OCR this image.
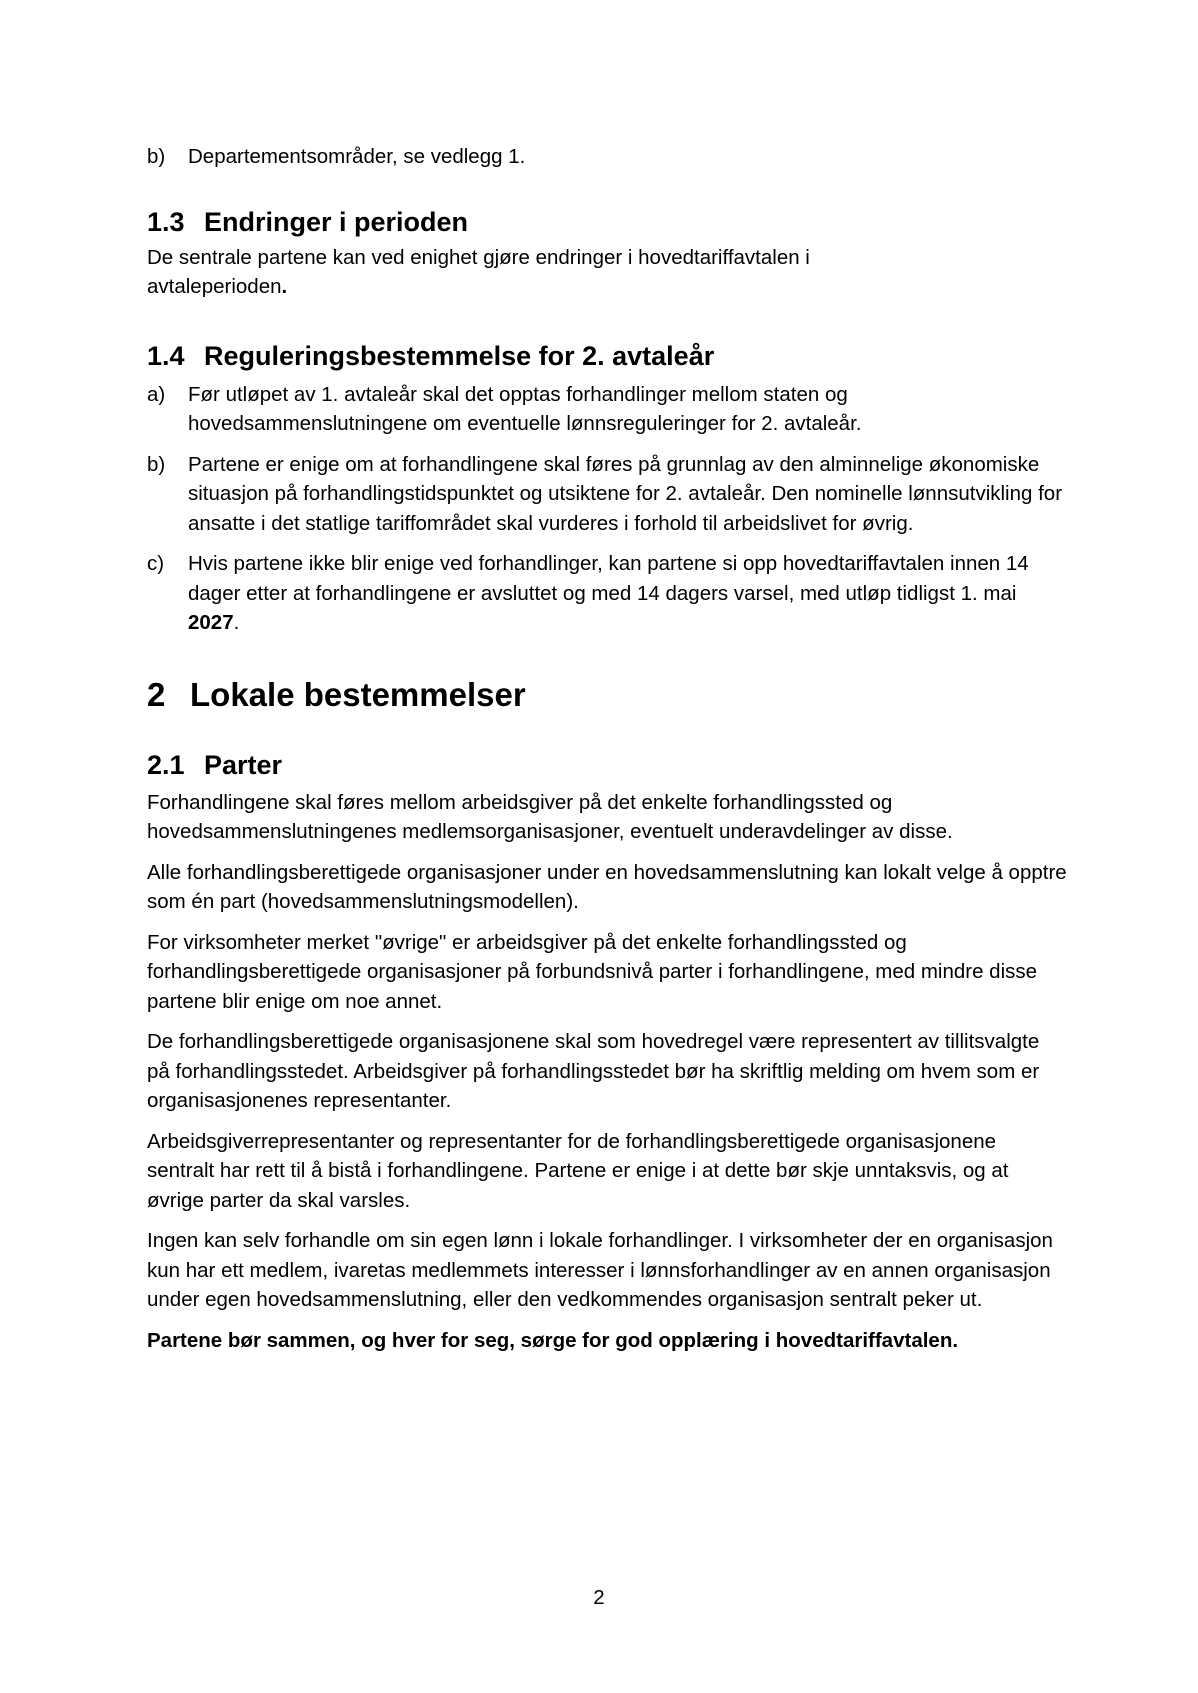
b)	Departementsområder, se vedlegg 1.
1.3 Endringer i perioden

De sentrale partene kan ved enighet gjøre endringer i hovedtariffavtalen i

avtaleperioden.

1.4 Reguleringsbestemmelse for 2. avtaleår
a)	Før utløpet av 1. avtaleår skal det opptas forhandlinger mellom staten og hovedsammenslutningene om eventuelle lønnsreguleringer for 2. avtaleår.
b)	Partene er enige om at forhandlingene skal føres på grunnlag av den alminnelige økonomiske situasjon på forhandlingstidspunktet og utsiktene for 2. avtaleår. Den nominelle lønnsutvikling for ansatte i det statlige tariffområdet skal vurderes i forhold til arbeidslivet for øvrig.
c)	Hvis partene ikke blir enige ved forhandlinger, kan partene si opp hovedtariffavtalen innen 14 dager etter at forhandlingene er avsluttet og med 14 dagers varsel, med utløp tidligst 1. mai 2027.
2 Lokale bestemmelser
2.1 Parter

Forhandlingene skal føres mellom arbeidsgiver på det enkelte forhandlingssted og hovedsammenslutningenes medlemsorganisasjoner, eventuelt underavdelinger av disse.

Alle forhandlingsberettigede organisasjoner under en hovedsammenslutning kan lokalt velge å opptre som én part (hovedsammenslutningsmodellen).

For virksomheter merket "øvrige" er arbeidsgiver på det enkelte forhandlingssted og forhandlingsberettigede organisasjoner på forbundsnivå parter i forhandlingene, med mindre disse partene blir enige om noe annet.

De forhandlingsberettigede organisasjonene skal som hovedregel være representert av tillitsvalgte på forhandlingsstedet. Arbeidsgiver på forhandlingsstedet bør ha skriftlig melding om hvem som er organisasjonenes representanter.

Arbeidsgiverrepresentanter og representanter for de forhandlingsberettigede organisasjonene sentralt har rett til å bistå i forhandlingene. Partene er enige i at dette bør skje unntaksvis, og at øvrige parter da skal varsles.

Ingen kan selv forhandle om sin egen lønn i lokale forhandlinger. I virksomheter der en organisasjon kun har ett medlem, ivaretas medlemmets interesser i lønnsforhandlinger av en annen organisasjon under egen hovedsammenslutning, eller den vedkommendes organisasjon sentralt peker ut.

Partene bør sammen, og hver for seg, sørge for god opplæring i hovedtariffavtalen.

2
